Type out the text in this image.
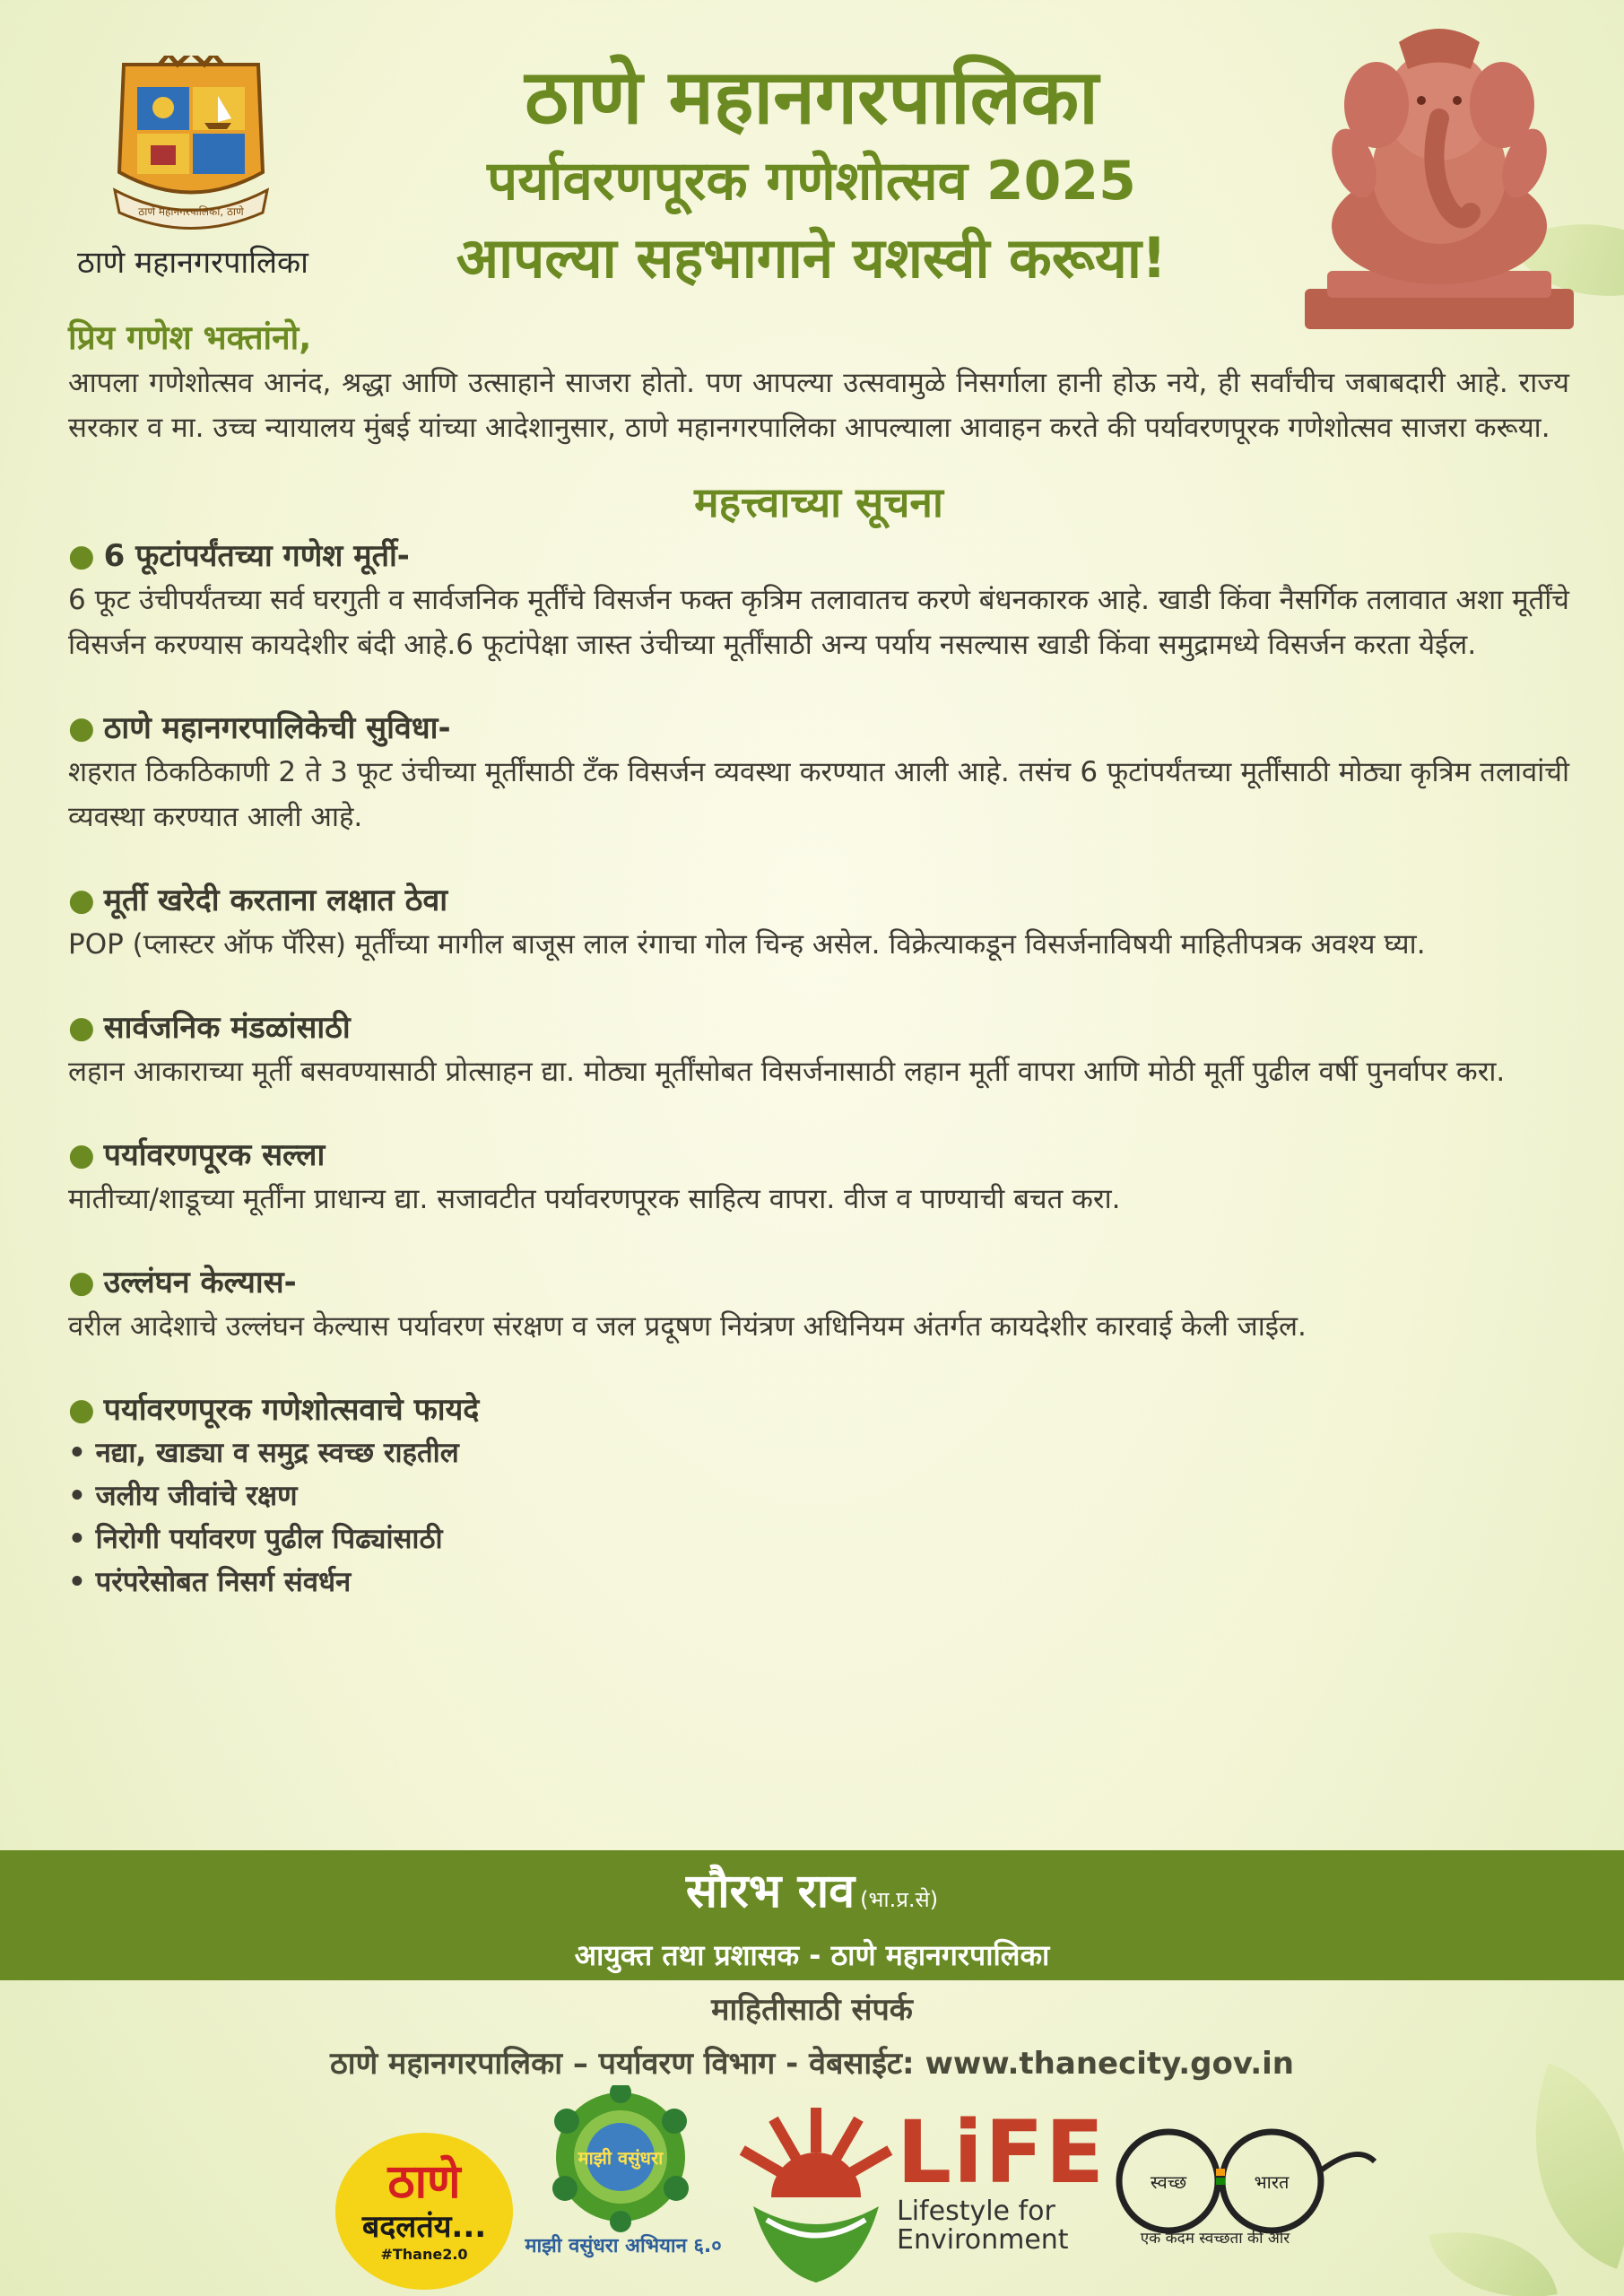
ठाणे महानगरपालिका, ठाणे
ठाणे महानगरपालिका
ठाणे महानगरपालिका
पर्यावरणपूरक गणेशोत्सव 2025
आपल्या सहभागाने यशस्वी करूया!
प्रिय गणेश भक्तांनो,
आपला गणेशोत्सव आनंद, श्रद्धा आणि उत्साहाने साजरा होतो. पण आपल्या उत्सवामुळे निसर्गाला हानी होऊ नये, ही सर्वांचीच जबाबदारी आहे. राज्य सरकार व मा. उच्च न्यायालय मुंबई यांच्या आदेशानुसार, ठाणे महानगरपालिका आपल्याला आवाहन करते की पर्यावरणपूरक गणेशोत्सव साजरा करूया.
महत्त्वाच्या सूचना
● 6 फूटांपर्यंतच्या गणेश मूर्ती-
6 फूट उंचीपर्यंतच्या सर्व घरगुती व सार्वजनिक मूर्तींचे विसर्जन फक्त कृत्रिम तलावातच करणे बंधनकारक आहे. खाडी किंवा नैसर्गिक तलावात अशा मूर्तींचे विसर्जन करण्यास कायदेशीर बंदी आहे.6 फूटांपेक्षा जास्त उंचीच्या मूर्तींसाठी अन्य पर्याय नसल्यास खाडी किंवा समुद्रामध्ये विसर्जन करता येईल.
● ठाणे महानगरपालिकेची सुविधा-
शहरात ठिकठिकाणी 2 ते 3 फूट उंचीच्या मूर्तींसाठी टँक विसर्जन व्यवस्था करण्यात आली आहे. तसंच 6 फूटांपर्यंतच्या मूर्तींसाठी मोठ्या कृत्रिम तलावांची व्यवस्था करण्यात आली आहे.
● मूर्ती खरेदी करताना लक्षात ठेवा
POP (प्लास्टर ऑफ पॅरिस) मूर्तींच्या मागील बाजूस लाल रंगाचा गोल चिन्ह असेल. विक्रेत्याकडून विसर्जनाविषयी माहितीपत्रक अवश्य घ्या.
● सार्वजनिक मंडळांसाठी
लहान आकाराच्या मूर्ती बसवण्यासाठी प्रोत्साहन द्या. मोठ्या मूर्तींसोबत विसर्जनासाठी लहान मूर्ती वापरा आणि मोठी मूर्ती पुढील वर्षी पुनर्वापर करा.
● पर्यावरणपूरक सल्ला
मातीच्या/शाडूच्या मूर्तींना प्राधान्य द्या. सजावटीत पर्यावरणपूरक साहित्य वापरा. वीज व पाण्याची बचत करा.
● उल्लंघन केल्यास-
वरील आदेशाचे उल्लंघन केल्यास पर्यावरण संरक्षण व जल प्रदूषण नियंत्रण अधिनियम अंतर्गत कायदेशीर कारवाई केली जाईल.
● पर्यावरणपूरक गणेशोत्सवाचे फायदे
• नद्या, खाड्या व समुद्र स्वच्छ राहतील
• जलीय जीवांचे रक्षण
• निरोगी पर्यावरण पुढील पिढ्यांसाठी
• परंपरेसोबत निसर्ग संवर्धन
सौरभ राव (भा.प्र.से)
आयुक्त तथा प्रशासक - ठाणे महानगरपालिका
माहितीसाठी संपर्क
ठाणे महानगरपालिका – पर्यावरण विभाग - वेबसाईट: www.thanecity.gov.in
ठाणे
बदलतंय...
#Thane2.0
माझी वसुंधरा
माझी वसुंधरा अभियान ६.०
LiFE
Lifestyle for
Environment
स्वच्छ	भारत
एक कदम स्वच्छता की ओर
